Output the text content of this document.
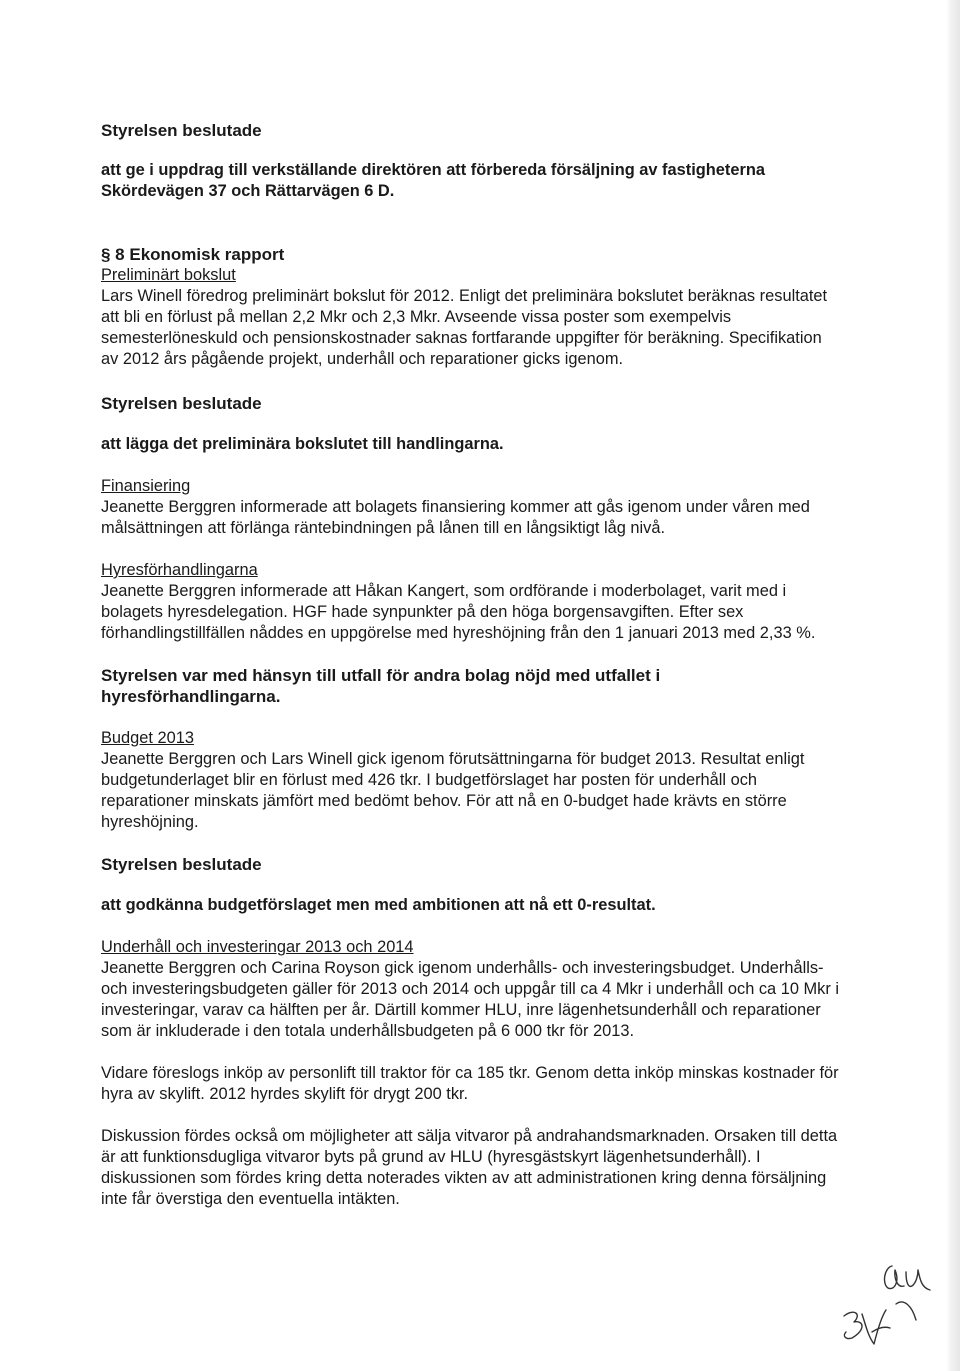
Styrelsen beslutade

att ge i uppdrag till verkställande direktören att förbereda försäljning av fastigheterna Skördevägen 37 och Rättarvägen 6 D.

§ 8 Ekonomisk rapport

Preliminärt bokslut

Lars Winell föredrog preliminärt bokslut för 2012. Enligt det preliminära bokslutet beräknas resultatet att bli en förlust på mellan 2,2 Mkr och 2,3 Mkr. Avseende vissa poster som exempelvis semesterlöneskuld och pensionskostnader saknas fortfarande uppgifter för beräkning. Specifikation av 2012 års pågående projekt, underhåll och reparationer gicks igenom.

Styrelsen beslutade

att lägga det preliminära bokslutet till handlingarna.

Finansiering

Jeanette Berggren informerade att bolagets finansiering kommer att gås igenom under våren med målsättningen att förlänga räntebindningen på lånen till en långsiktigt låg nivå.

Hyresförhandlingarna

Jeanette Berggren informerade att Håkan Kangert, som ordförande i moderbolaget, varit med i bolagets hyresdelegation. HGF hade synpunkter på den höga borgensavgiften. Efter sex förhandlingstillfällen nåddes en uppgörelse med hyreshöjning från den 1 januari 2013 med 2,33 %.

Styrelsen var med hänsyn till utfall för andra bolag nöjd med utfallet i hyresförhandlingarna.

Budget 2013

Jeanette Berggren och Lars Winell gick igenom förutsättningarna för budget 2013. Resultat enligt budgetunderlaget blir en förlust med 426 tkr. I budgetförslaget har posten för underhåll och reparationer minskats jämfört med bedömt behov. För att nå en 0-budget hade krävts en större hyreshöjning.

Styrelsen beslutade

att godkänna budgetförslaget men med ambitionen att nå ett 0-resultat.

Underhåll och investeringar 2013 och 2014

Jeanette Berggren och Carina Royson gick igenom underhålls- och investeringsbudget. Underhålls- och investeringsbudgeten gäller för 2013 och 2014 och uppgår till ca 4 Mkr i underhåll och ca 10 Mkr i investeringar, varav ca hälften per år. Därtill kommer HLU, inre lägenhetsunderhåll och reparationer som är inkluderade i den totala underhållsbudgeten på 6 000 tkr för 2013.

Vidare föreslogs inköp av personlift till traktor för ca 185 tkr. Genom detta inköp minskas kostnader för hyra av skylift. 2012 hyrdes skylift för drygt 200 tkr.

Diskussion fördes också om möjligheter att sälja vitvaror på andrahandsmarknaden. Orsaken till detta är att funktionsdugliga vitvaror byts på grund av HLU (hyresgästskyrt lägenhetsunderhåll). I diskussionen som fördes kring detta noterades vikten av att administrationen kring denna försäljning inte får överstiga den eventuella intäkten.
